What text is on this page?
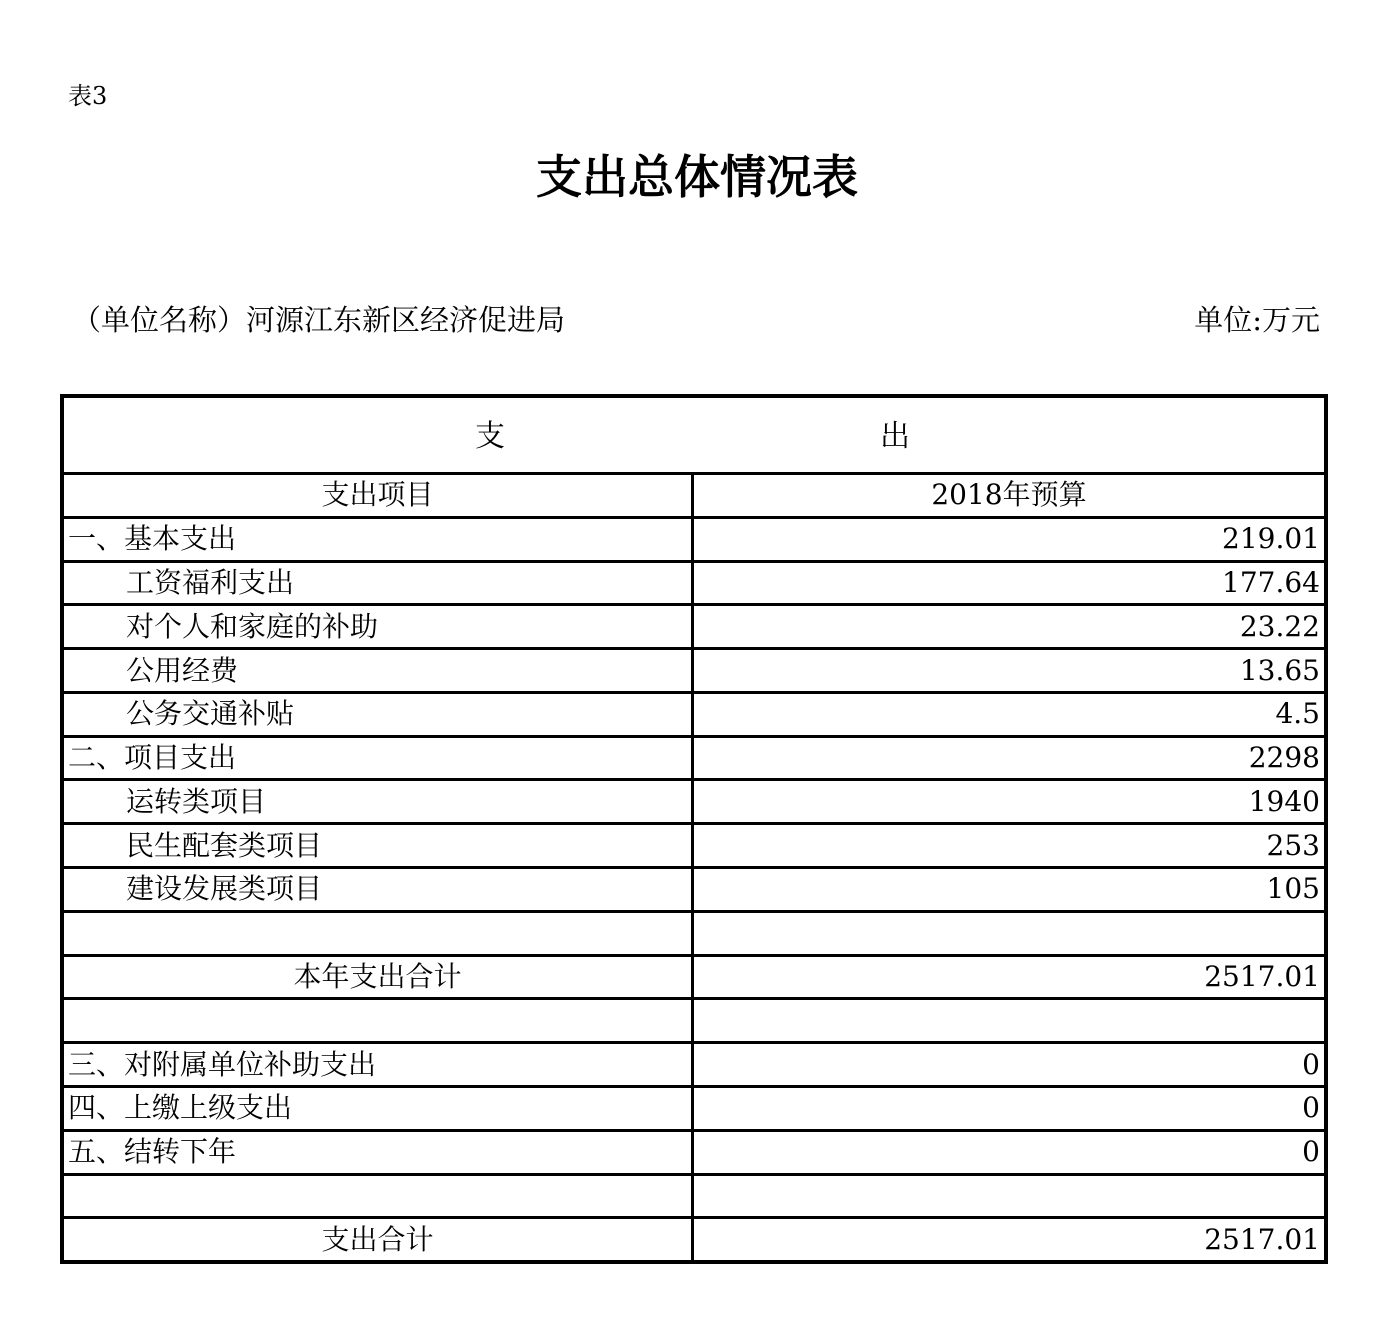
表3
支出总体情况表
（单位名称）河源江东新区经济促进局	单位:万元
支	出
支出项目	2018年预算
一、基本支出	219.01
工资福利支出	177.64
对个人和家庭的补助	23.22
公用经费	13.65
公务交通补贴	4.5
二、项目支出	2298
运转类项目	1940
民生配套类项目	253
建设发展类项目	105
本年支出合计	2517.01
三、对附属单位补助支出	0
四、上缴上级支出	0
五、结转下年	0
支出合计	2517.01
